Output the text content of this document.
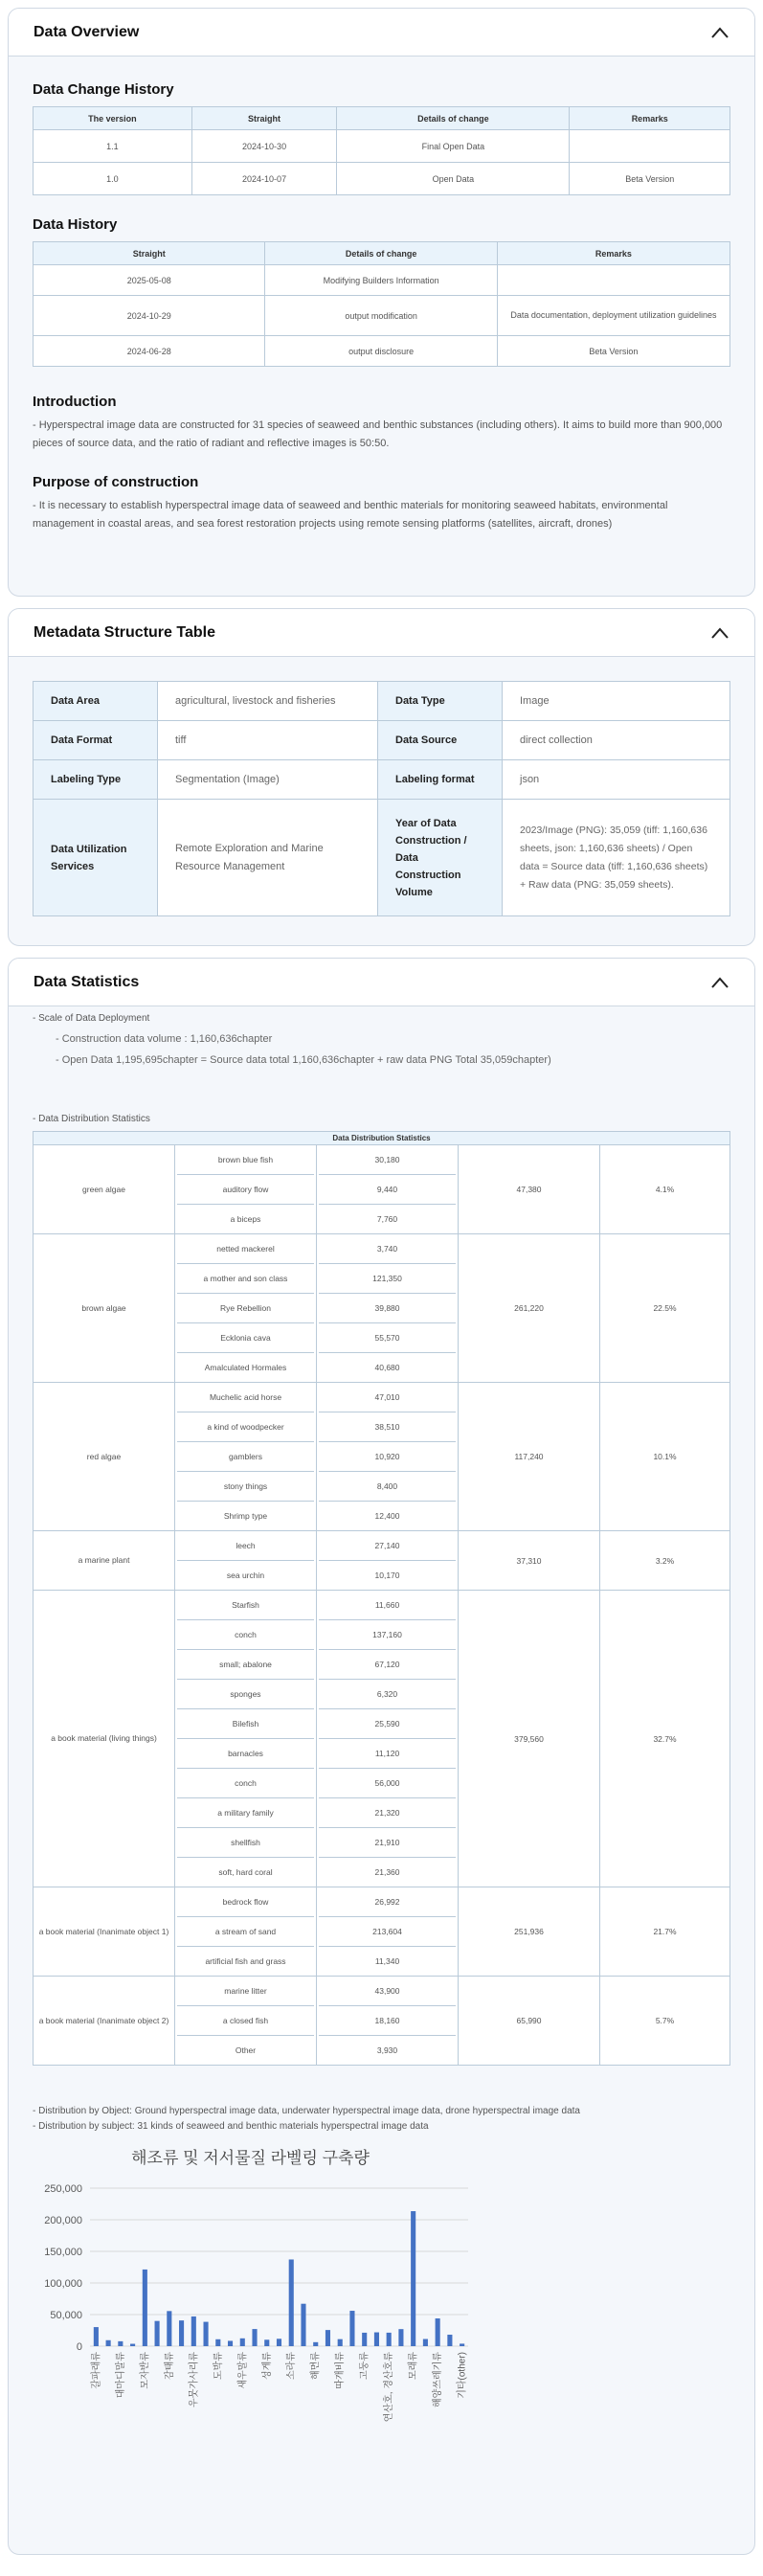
Data Overview
Data Change History
The version	Straight	Details of change	Remarks
1.1	2024-10-30	Final Open Data	
1.0	2024-10-07	Open Data	Beta Version
Data History
Straight	Details of change	Remarks
2025-05-08	Modifying Builders Information	
2024-10-29	output modification	Data documentation, deployment utilization guidelines
2024-06-28	output disclosure	Beta Version
Introduction
- Hyperspectral image data are constructed for 31 species of seaweed and benthic substances (including others). It aims to build more than 900,000 pieces of source data, and the ratio of radiant and reflective images is 50:50.
Purpose of construction
- It is necessary to establish hyperspectral image data of seaweed and benthic materials for monitoring seaweed habitats, environmental management in coastal areas, and sea forest restoration projects using remote sensing platforms (satellites, aircraft, drones)
Metadata Structure Table
Data Area	agricultural, livestock and fisheries	Data Type	Image
Data Format	tiff	Data Source	direct collection
Labeling Type	Segmentation (Image)	Labeling format	json
Data Utilization Services	Remote Exploration and Marine Resource Management	Year of Data Construction / Data Construction Volume	2023/Image (PNG): 35,059 (tiff: 1,160,636 sheets, json: 1,160,636 sheets) / Open data = Source data (tiff: 1,160,636 sheets) + Raw data (PNG: 35,059 sheets).
Data Statistics
- Scale of Data Deployment
- Construction data volume : 1,160,636chapter
- Open Data 1,195,695chapter = Source data total 1,160,636chapter + raw data PNG Total 35,059chapter)
- Data Distribution Statistics
Data Distribution Statistics				
green algae	brown blue fish	30,180	47,380	4.1%
	auditory flow	9,440		
	a biceps	7,760		
brown algae	netted mackerel	3,740	261,220	22.5%
	a mother and son class	121,350		
	Rye Rebellion	39,880		
	Ecklonia cava	55,570		
	Amalculated Hormales	40,680		
red algae	Muchelic acid horse	47,010	117,240	10.1%
	a kind of woodpecker	38,510		
	gamblers	10,920		
	stony things	8,400		
	Shrimp type	12,400		
a marine plant	leech	27,140	37,310	3.2%
	sea urchin	10,170		
a book material (living things)	Starfish	11,660	379,560	32.7%
	conch	137,160		
	small; abalone	67,120		
	sponges	6,320		
	Bilefish	25,590		
	barnacles	11,120		
	conch	56,000		
	a military family	21,320		
	shellfish	21,910		
	soft, hard coral	21,360		
a book material (Inanimate object 1)	bedrock flow	26,992	251,936	21.7%
	a stream of sand	213,604		
	artificial fish and grass	11,340		
a book material (Inanimate object 2)	marine litter	43,900	65,990	5.7%
	a closed fish	18,160		
	Other	3,930		
- Distribution by Object: Ground hyperspectral image data, underwater hyperspectral image data, drone hyperspectral image data
- Distribution by subject: 31 kinds of seaweed and benthic materials hyperspectral image data
해조류 및 저서물질 라벨링 구축량
0
50,000
100,000
150,000
200,000
250,000
갈파래류 대마디말류 모자반류 감태류 우뭇가사리류 도박류 새우말류 성게류 소라류 해면류 따개비류 고둥류 연산호, 경산호류 모래류 해양쓰레기류 기타(other)
